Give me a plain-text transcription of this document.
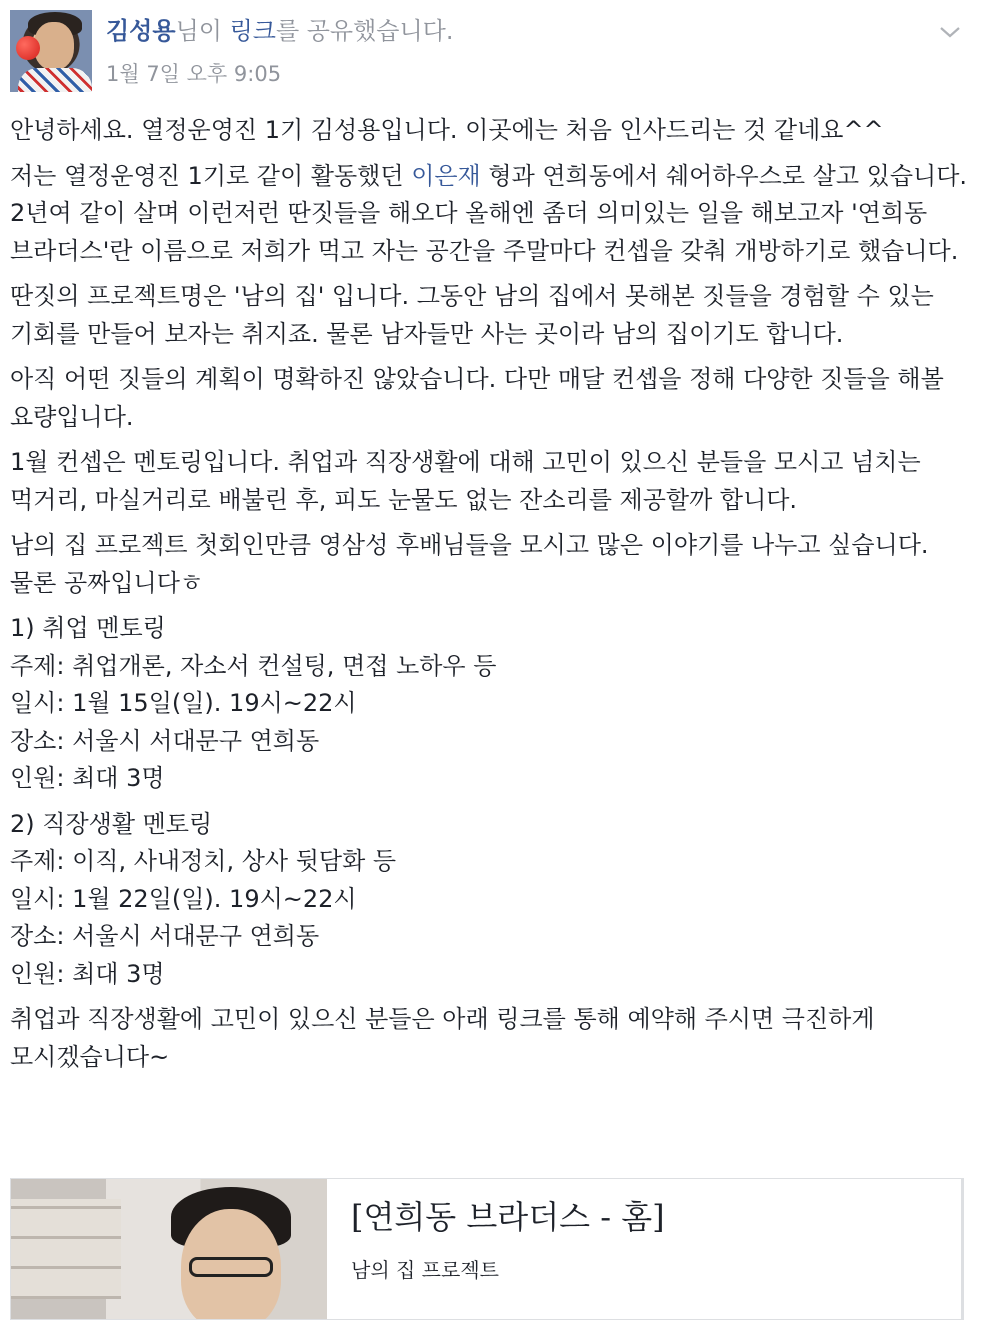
김성용님이 링크를 공유했습니다.
1월 7일 오후 9:05

안녕하세요. 열정운영진 1기 김성용입니다. 이곳에는 처음 인사드리는 것 같네요^^

저는 열정운영진 1기로 같이 활동했던 이은재 형과 연희동에서 쉐어하우스로 살고 있습니다. 2년여 같이 살며 이런저런 딴짓들을 해오다 올해엔 좀더 의미있는 일을 해보고자 '연희동 브라더스'란 이름으로 저희가 먹고 자는 공간을 주말마다 컨셉을 갖춰 개방하기로 했습니다.

딴짓의 프로젝트명은 '남의 집' 입니다. 그동안 남의 집에서 못해본 짓들을 경험할 수 있는 기회를 만들어 보자는 취지죠. 물론 남자들만 사는 곳이라 남의 집이기도 합니다.

아직 어떤 짓들의 계획이 명확하진 않았습니다. 다만 매달 컨셉을 정해 다양한 짓들을 해볼 요량입니다.

1월 컨셉은 멘토링입니다. 취업과 직장생활에 대해 고민이 있으신 분들을 모시고 넘치는 먹거리, 마실거리로 배불린 후, 피도 눈물도 없는 잔소리를 제공할까 합니다.

남의 집 프로젝트 첫회인만큼 영삼성 후배님들을 모시고 많은 이야기를 나누고 싶습니다. 물론 공짜입니다ㅎ

1) 취업 멘토링
주제: 취업개론, 자소서 컨설팅, 면접 노하우 등
일시: 1월 15일(일). 19시~22시
장소: 서울시 서대문구 연희동
인원: 최대 3명

2) 직장생활 멘토링
주제: 이직, 사내정치, 상사 뒷담화 등
일시: 1월 22일(일). 19시~22시
장소: 서울시 서대문구 연희동
인원: 최대 3명

취업과 직장생활에 고민이 있으신 분들은 아래 링크를 통해 예약해 주시면 극진하게 모시겠습니다~

[연희동 브라더스 - 홈]
남의 집 프로젝트
